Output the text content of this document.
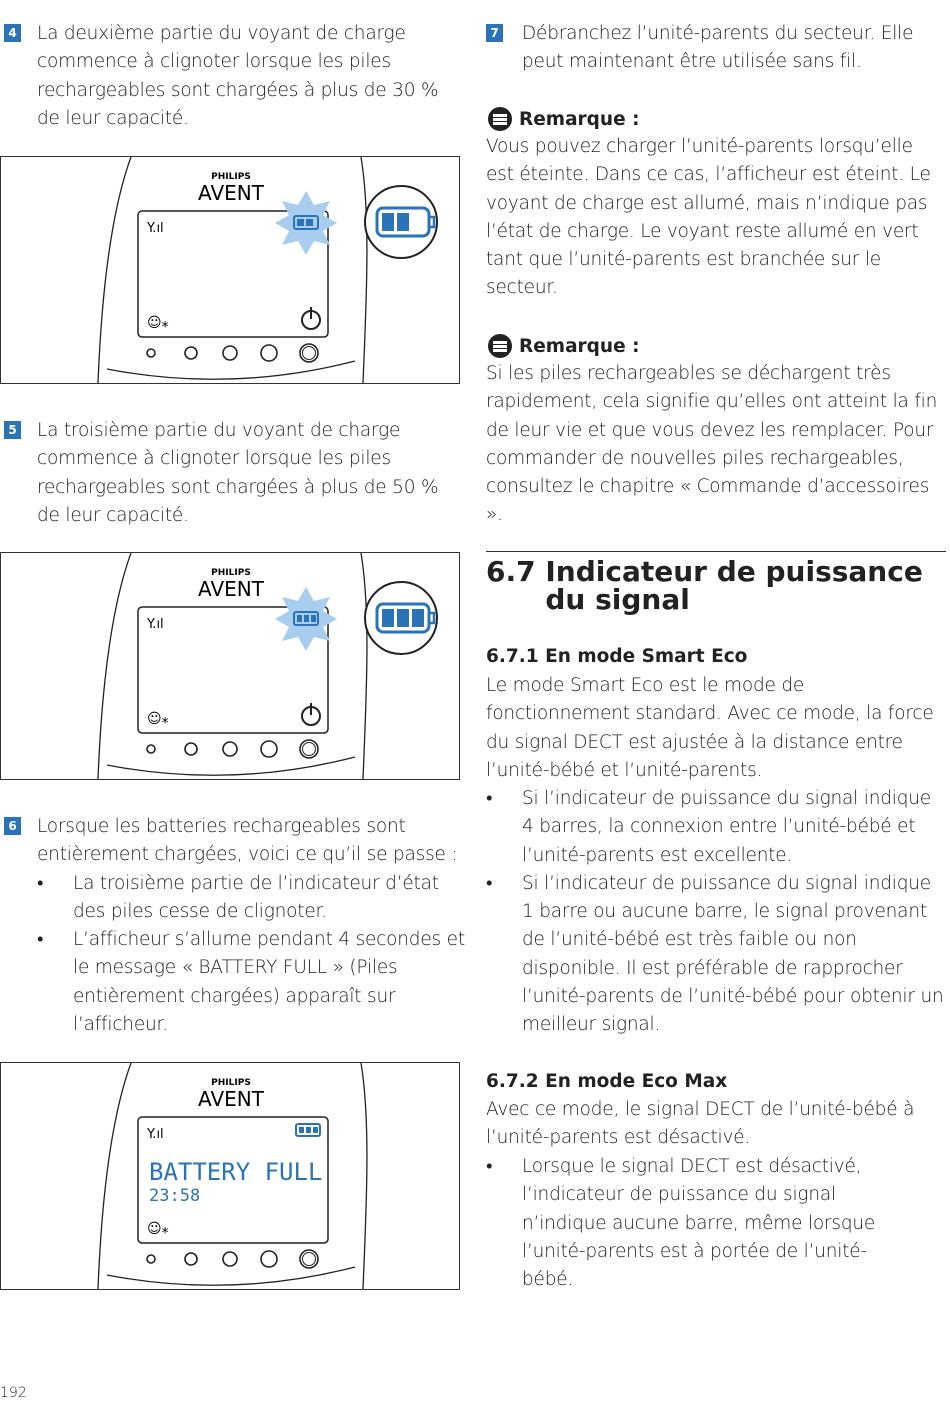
4 La deuxième partie du voyant de charge commence à clignoter lorsque les piles rechargeables sont chargées à plus de 30 % de leur capacité.

PHILIPS
AVENT
Y.ıl
☺⁎
5 La troisième partie du voyant de charge commence à clignoter lorsque les piles rechargeables sont chargées à plus de 50 % de leur capacité.

PHILIPS
AVENT
Y.ıl
☺⁎
6 Lorsque les batteries rechargeables sont entièrement chargées, voici ce qu’il se passe :

• La troisième partie de l’indicateur d’état des piles cesse de clignoter.
• L’afficheur s’allume pendant 4 secondes et le message « BATTERY FULL » (Piles entièrement chargées) apparaît sur l’afficheur.
PHILIPS
AVENT
Y.ıl
BATTERY FULL
23:58
☺⁎
7 Débranchez l’unité-parents du secteur. Elle peut maintenant être utilisée sans fil.

Remarque :

Vous pouvez charger l’unité-parents lorsqu’elle est éteinte. Dans ce cas, l’afficheur est éteint. Le voyant de charge est allumé, mais n’indique pas l’état de charge. Le voyant reste allumé en vert tant que l’unité-parents est branchée sur le secteur.

Remarque :

Si les piles rechargeables se déchargent très rapidement, cela signifie qu’elles ont atteint la fin de leur vie et que vous devez les remplacer. Pour commander de nouvelles piles rechargeables, consultez le chapitre « Commande d’accessoires ».

6.7 Indicateur de puissance du signal
6.7.1 En mode Smart Eco

Le mode Smart Eco est le mode de fonctionnement standard. Avec ce mode, la force du signal DECT est ajustée à la distance entre l’unité-bébé et l’unité-parents.

• Si l’indicateur de puissance du signal indique 4 barres, la connexion entre l’unité-bébé et l’unité-parents est excellente.
• Si l’indicateur de puissance du signal indique 1 barre ou aucune barre, le signal provenant de l’unité-bébé est très faible ou non disponible. Il est préférable de rapprocher l’unité-parents de l’unité-bébé pour obtenir un meilleur signal.
6.7.2 En mode Eco Max

Avec ce mode, le signal DECT de l’unité-bébé à l’unité-parents est désactivé.

• Lorsque le signal DECT est désactivé, l’indicateur de puissance du signal n’indique aucune barre, même lorsque l’unité-parents est à portée de l’unité-bébé.
192
